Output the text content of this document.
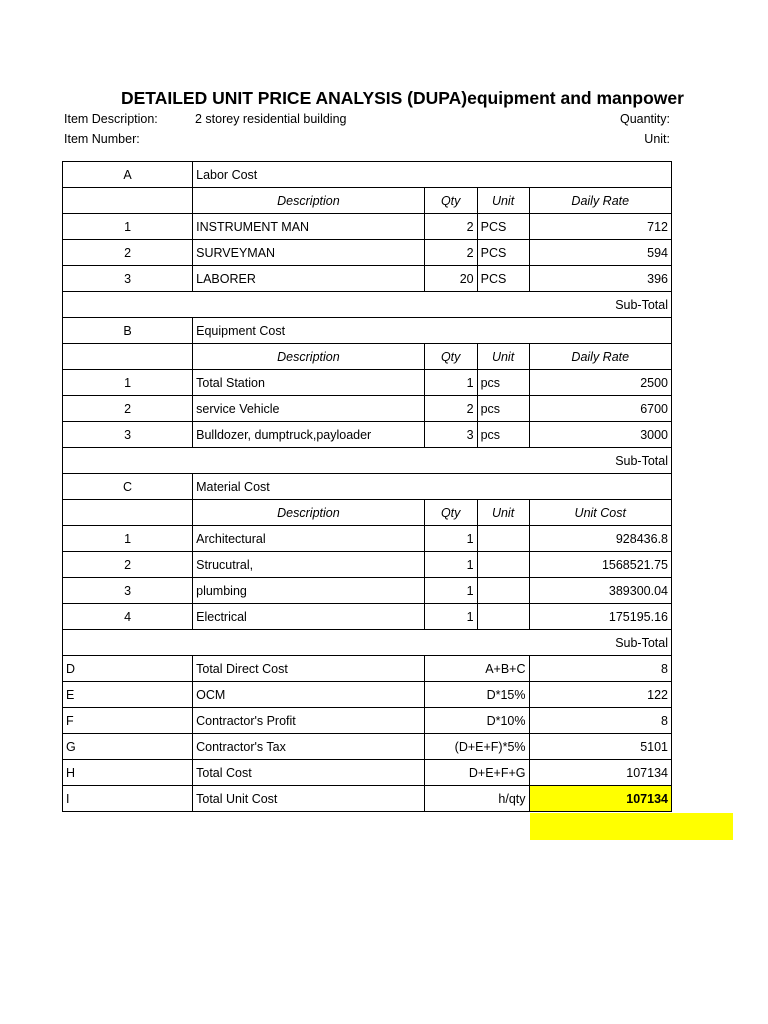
DETAILED UNIT PRICE ANALYSIS (DUPA)equipment and manpower
Item Description:	2 storey residential building
Item Number:
Quantity:
Unit:
A	Labor Cost			
	Description	Qty	Unit	Daily Rate
1	INSTRUMENT MAN	2	PCS	712
2	SURVEYMAN	2	PCS	594
3	LABORER	20	PCS	396
Sub-Total				
B	Equipment Cost			
	Description	Qty	Unit	Daily Rate
1	Total Station	1	pcs	2500
2	service Vehicle	2	pcs	6700
3	Bulldozer, dumptruck,payloader	3	pcs	3000
Sub-Total				
C	Material Cost			
	Description	Qty	Unit	Unit Cost
1	Architectural	1		928436.8
2	Strucutral,	1		1568521.75
3	plumbing	1		389300.04
4	Electrical	1		175195.16
Sub-Total				
D	Total Direct Cost	A+B+C		8
E	OCM	D*15%		122
F	Contractor's Profit	D*10%		8
G	Contractor's Tax	(D+E+F)*5%		5101
H	Total Cost	D+E+F+G		107134
I	Total Unit Cost	h/qty		107134
